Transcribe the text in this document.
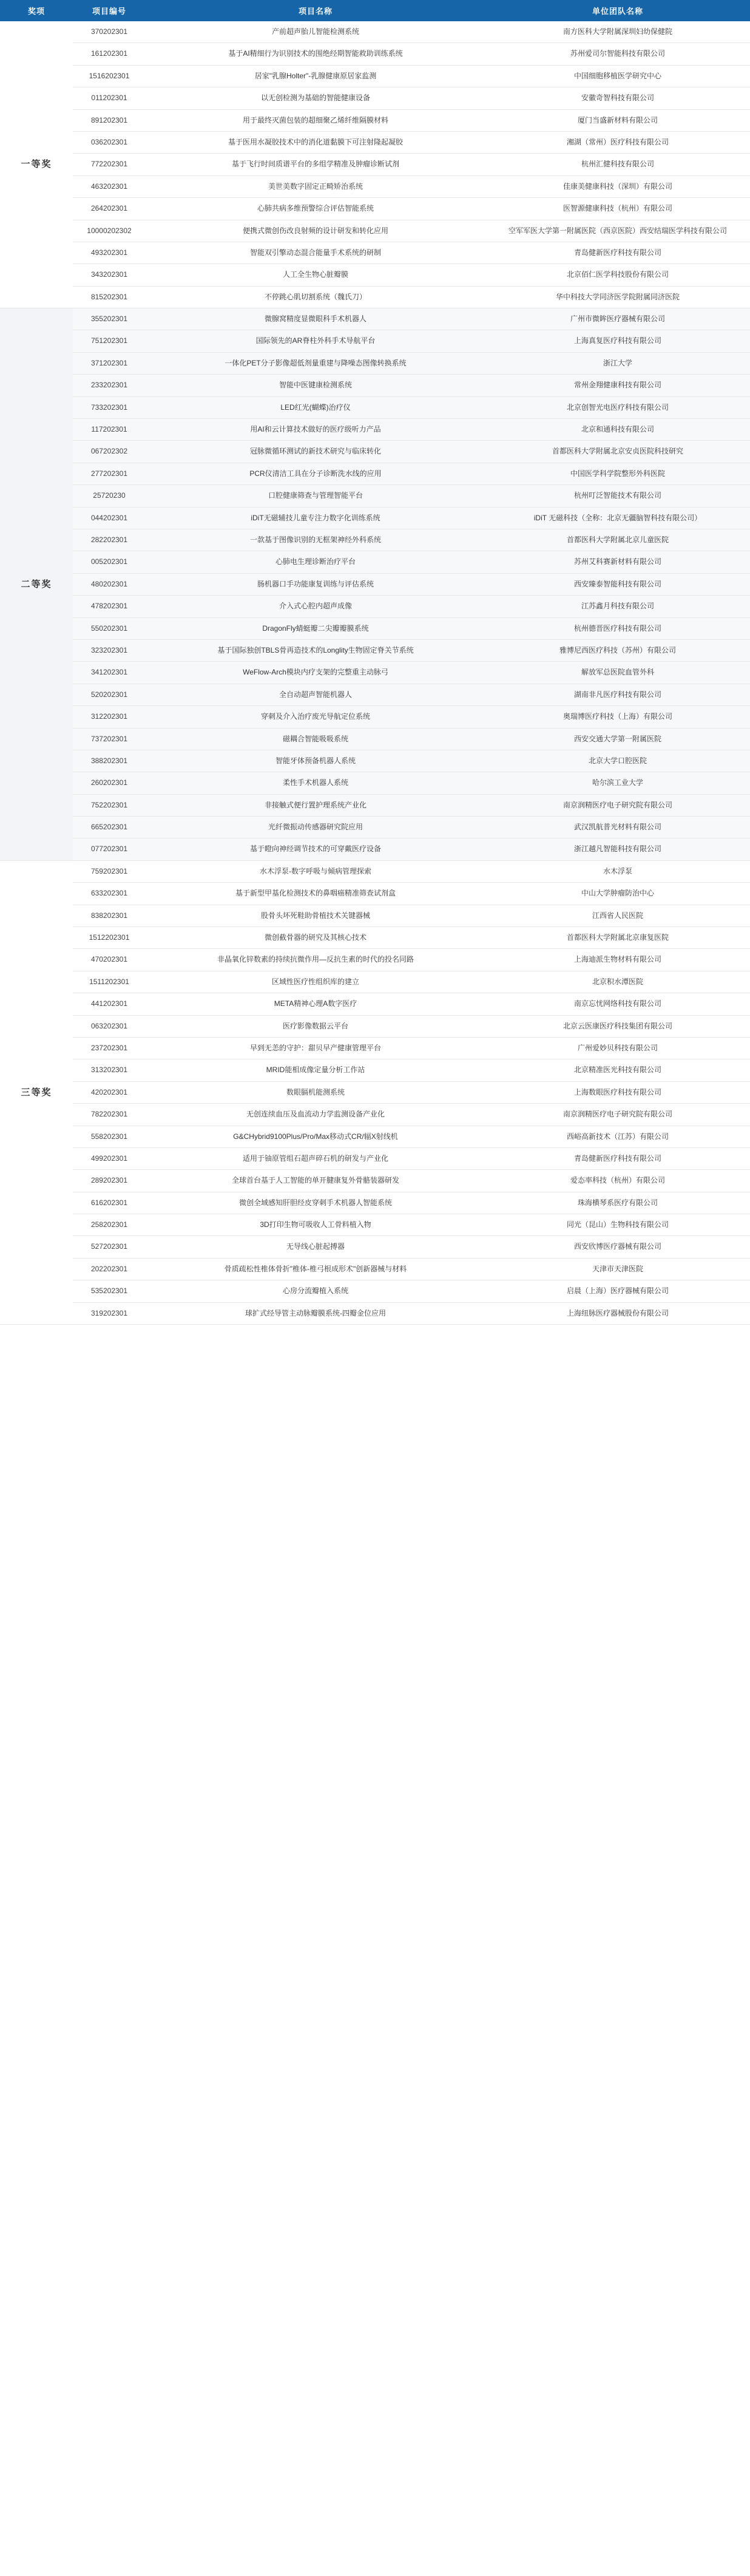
奖项	项目编号	项目名称	单位团队名称
一等奖	370202301	产前超声胎儿智能检测系统	南方医科大学附属深圳妇幼保健院
	161202301	基于AI精细行为识别技术的围绝经期智能救助训练系统	苏州爱司尔智能科技有限公司
	1516202301	居家"乳腺Holter"-乳腺健康原居家监测	中国细胞移植医学研究中心
	011202301	以无创检测为基础的智能健康设备	安徽奇智科技有限公司
	891202301	用于最终灭菌包装的超细聚乙烯纤维隔膜材料	厦门当盛新材料有限公司
	036202301	基于医用水凝胶技术中的消化道黏膜下可注射隆起凝胶	湘湖（常州）医疗科技有限公司
	772202301	基于飞行时间质谱平台的多组学精准及肿瘤诊断试剂	杭州汇健科技有限公司
	463202301	美世美数字固定正畸矫治系统	佳康美健康科技（深圳）有限公司
	264202301	心肺共病多维预警综合评估智能系统	医智源健康科技（杭州）有限公司
	10000202302	便携式微创伤改良射频的设计研发和转化应用	空军军医大学第一附属医院（西京医院）西安结瑞医学科技有限公司
	493202301	智能双引擎动态混合能量手术系统的研制	青岛健新医疗科技有限公司
	343202301	人工全生物心脏瓣膜	北京佰仁医学科技股份有限公司
	815202301	不停跳心肌切割系统（魏氏刀）	华中科技大学同济医学院附属同济医院
二等奖	355202301	微腺窝精度显微眼科手术机器人	广州市微眸医疗器械有限公司
	751202301	国际领先的AR脊柱外科手术导航平台	上海真复医疗科技有限公司
	371202301	一体化PET分子影像超低剂量重建与降噪态图像转换系统	浙江大学
	233202301	智能中医键康检测系统	常州金翔健康科技有限公司
	733202301	LED红光(蝴蝶)治疗仪	北京创智光电医疗科技有限公司
	117202301	用AI和云计算技术做好的医疗级听力产品	北京和通科技有限公司
	067202302	冠脉微循环测试的新技术研究与临床转化	首都医科大学附属北京安贞医院科技研究
	277202301	PCR仪清洁工具在分子诊断洗水线的应用	中国医学科学院整形外科医院
	25720230	口腔健康筛查与管理智能平台	杭州叮泛智能技术有限公司
	044202301	iDiT无磁辅技儿童专注力数字化训练系统	iDiT 无磁科技（全称：北京无疆脑智科技有限公司）
	282202301	一款基于图像识别的无框架神经外科系统	首都医科大学附属北京儿童医院
	005202301	心肺电生理诊断治疗平台	苏州艾科赛新材料有限公司
	480202301	肠机器口手功能康复训练与评估系统	西安臻泰智能科技有限公司
	478202301	介入式心腔内超声成像	江苏鑫月科技有限公司
	550202301	DragonFly蜻蜓瓣二尖瓣瓣膜系统	杭州德晋医疗科技有限公司
	323202301	基于国际独创TBLS骨再造技术的Longlity生物固定脊关节系统	雅博尼西医疗科技（苏州）有限公司
	341202301	WeFlow-Arch模块内疗支架的完整重主动脉弓	解放军总医院血管外科
	520202301	全自动超声智能机器人	湖南非凡医疗科技有限公司
	312202301	穿刺及介入治疗废光导航定位系统	奥瑞博医疗科技（上海）有限公司
	737202301	磁耦合智能吸吸系统	西安交通大学第一附属医院
	388202301	智能牙体预备机器人系统	北京大学口腔医院
	260202301	柔性手术机器人系统	哈尔滨工业大学
	752202301	非接触式便行置护理系统产业化	南京润精医疗电子研究院有限公司
	665202301	光纤微振动传感器研究院应用	武汉凯航普光材料有限公司
	077202301	基于瞪向神经调节技术的可穿戴医疗设备	浙江越凡智能科技有限公司
三等奖	759202301	水木浮泵-数字呼吸与倾病管理探索	水木浮泵
	633202301	基于新型甲基化检测技术的鼻咽癌精准筛查试剂盒	中山大学肿瘤防治中心
	838202301	股骨头坏死鞋助骨植技术关键器械	江西省人民医院
	1512202301	微创截骨器的研究及其核心技术	首都医科大学附属北京康复医院
	470202301	非晶氧化锌数素的持续抗微作用—反抗生素的时代的投名同路	上海迪派生物材料有限公司
	1511202301	区域性医疗性组织库的建立	北京积水潭医院
	441202301	META精神心理A数字医疗	南京忘忧网络科技有限公司
	063202301	医疗影像数据云平台	北京云医康医疗科技集团有限公司
	237202301	早到无恙的守护：甜贝早产健康管理平台	广州爱妙贝科技有限公司
	313202301	MRID能相成像定量分析工作站	北京精准医光科技有限公司
	420202301	数眼膈机能测系统	上海数眼医疗科技有限公司
	782202301	无创连续血压及血流动力学监测设备产业化	南京润精医疗电子研究院有限公司
	558202301	G&CHybrid9100Plus/Pro/Max移动式CR/辐X射线机	西峪高新技术（江苏）有限公司
	499202301	适用于铀原管组石超声碎石机的研发与产业化	青岛健新医疗科技有限公司
	289202301	全球首台基于人工智能的单开腱康复外骨骼装器研发	爱态率科技（杭州）有限公司
	616202301	微创全域感知肝胆经皮穿刺手术机器人智能系统	珠海横琴系医疗有限公司
	258202301	3D打印生物可吸收人工骨料植入物	同光（昆山）生物科技有限公司
	527202301	无导线心脏起搏器	西安欣博医疗器械有限公司
	202202301	骨质疏松性椎体骨折"椎体-椎弓根成形术"创新器械与材料	天津市天津医院
	535202301	心房分流瓣植入系统	启晨（上海）医疗器械有限公司
	319202301	球扩式经导管主动脉瓣膜系统-四瓣金位应用	上海纽脉医疗器械股份有限公司
